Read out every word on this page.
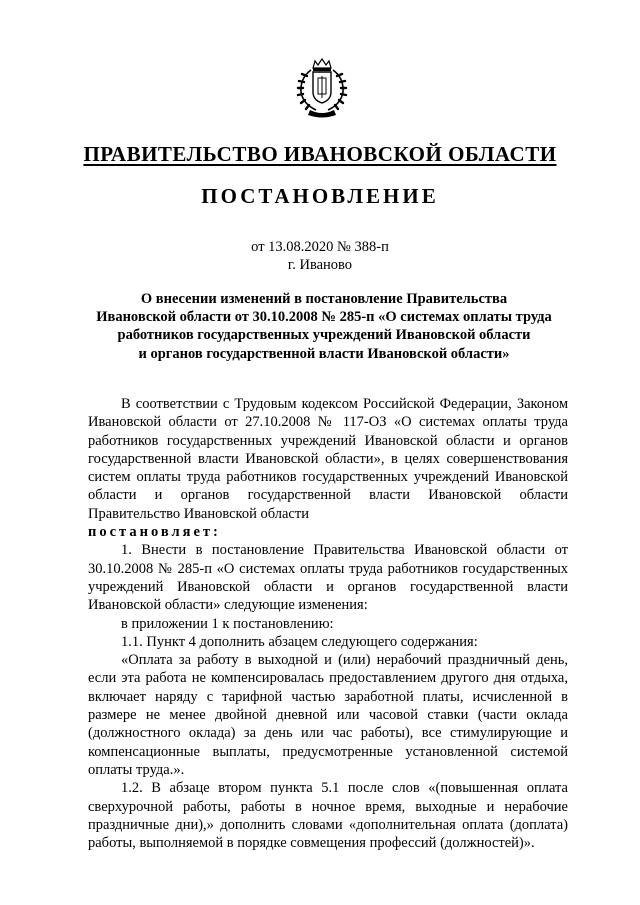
ПРАВИТЕЛЬСТВО ИВАНОВСКОЙ ОБЛАСТИ
ПОСТАНОВЛЕНИЕ
от 13.08.2020 № 388-п
г. Иваново
О внесении изменений в постановление Правительства
Ивановской области от 30.10.2008 № 285-п «О системах оплаты труда
работников государственных учреждений Ивановской области
и органов государственной власти Ивановской области»

В соответствии с Трудовым кодексом Российской Федерации, Законом Ивановской области от 27.10.2008 № 117-ОЗ «О системах оплаты труда работников государственных учреждений Ивановской области и органов государственной власти Ивановской области», в целях совершенствования систем оплаты труда работников государственных учреждений Ивановской области и органов государственной власти Ивановской области Правительство Ивановской области

постановляет:

1. Внести в постановление Правительства Ивановской области от 30.10.2008 № 285-п «О системах оплаты труда работников государственных учреждений Ивановской области и органов государственной власти Ивановской области» следующие изменения:

в приложении 1 к постановлению:

1.1. Пункт 4 дополнить абзацем следующего содержания:

«Оплата за работу в выходной и (или) нерабочий праздничный день, если эта работа не компенсировалась предоставлением другого дня отдыха, включает наряду с тарифной частью заработной платы, исчисленной в размере не менее двойной дневной или часовой ставки (части оклада (должностного оклада) за день или час работы), все стимулирующие и компенсационные выплаты, предусмотренные установленной системой оплаты труда.».

1.2. В абзаце втором пункта 5.1 после слов «(повышенная оплата сверхурочной работы, работы в ночное время, выходные и нерабочие праздничные дни),» дополнить словами «дополнительная оплата (доплата) работы, выполняемой в порядке совмещения профессий (должностей)».
